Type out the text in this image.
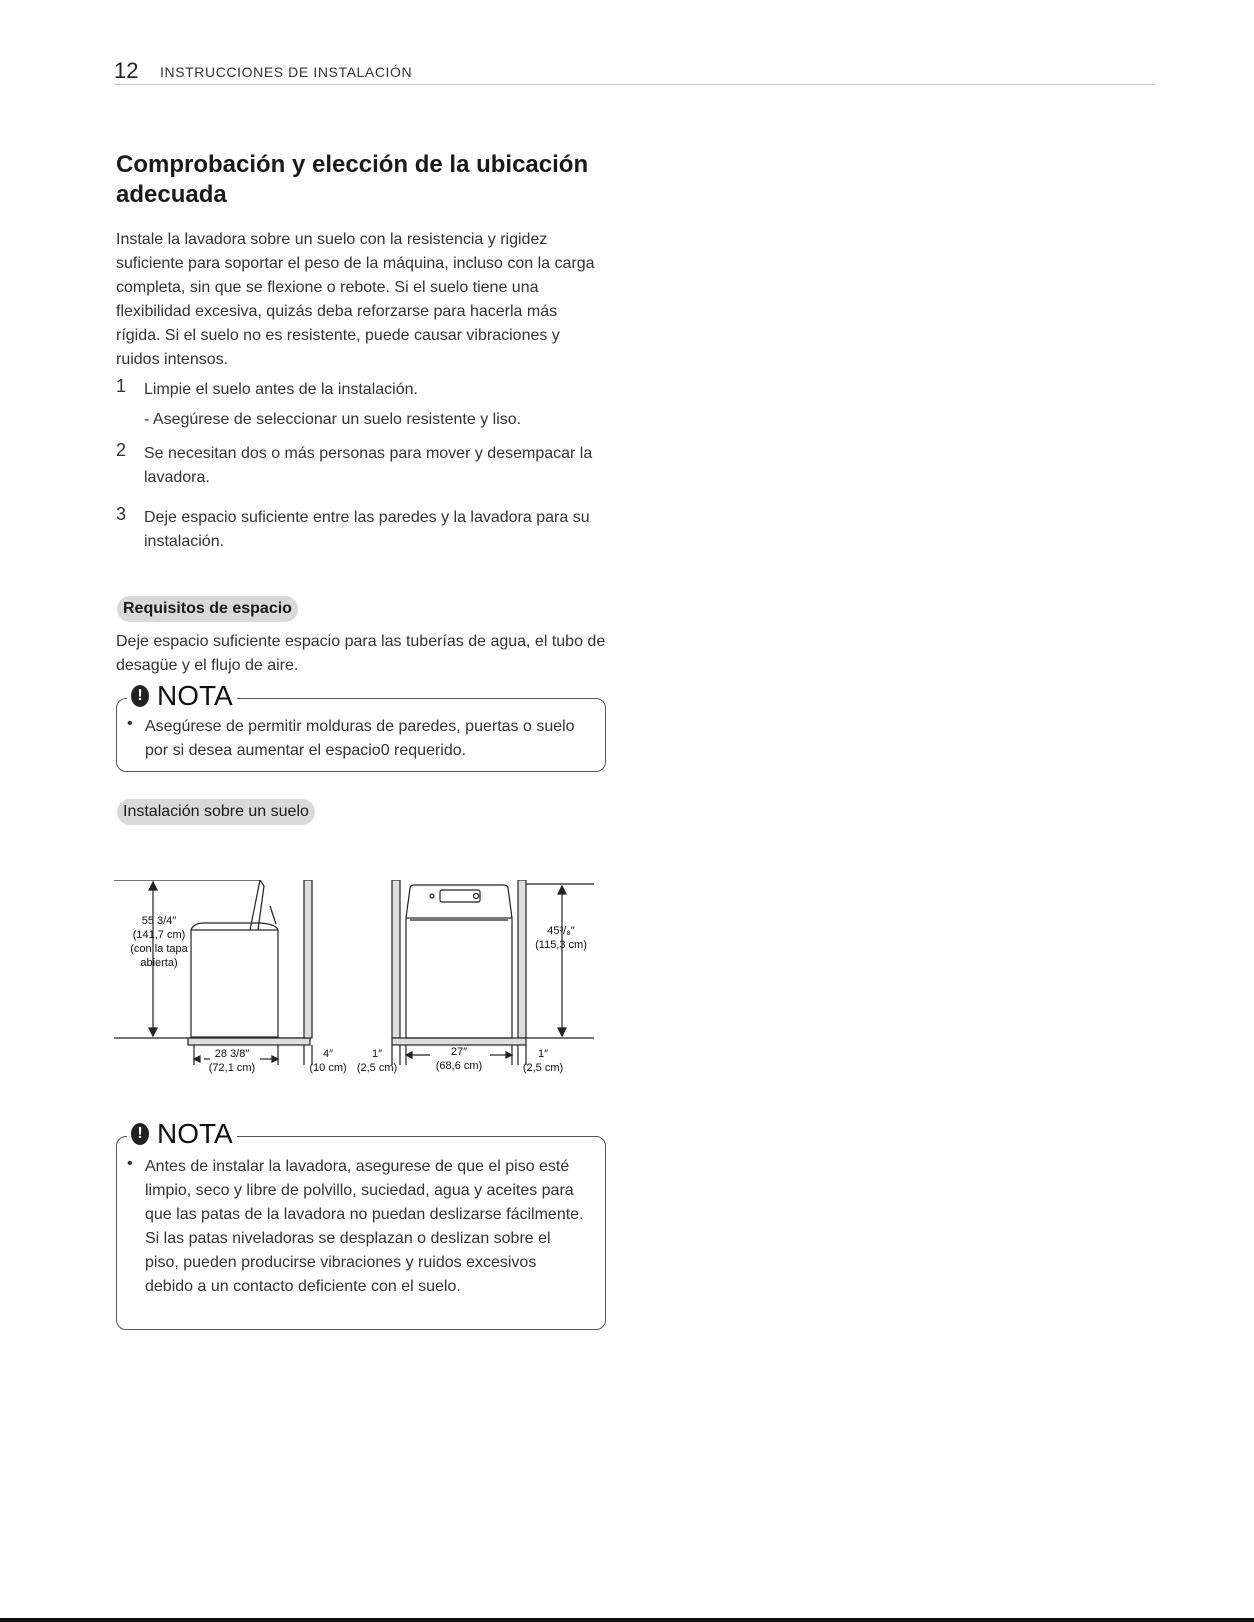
12 INSTRUCCIONES DE INSTALACIÓN
Comprobación y elección de la ubicación adecuada

Instale la lavadora sobre un suelo con la resistencia y rigidez suficiente para soportar el peso de la máquina, incluso con la carga completa, sin que se flexione o rebote. Si el suelo tiene una flexibilidad excesiva, quizás deba reforzarse para hacerla más rígida. Si el suelo no es resistente, puede causar vibraciones y ruidos intensos.

1 Limpie el suelo antes de la instalación.

- Asegúrese de seleccionar un suelo resistente y liso.

2 Se necesitan dos o más personas para mover y desempacar la lavadora.

3 Deje espacio suficiente entre las paredes y la lavadora para su instalación.

Requisitos de espacio

Deje espacio suficiente espacio para las tuberías de agua, el tubo de desagüe y el flujo de aire.

! NOTA
• Asegúrese de permitir molduras de paredes, puertas o suelo por si desea aumentar el espacio0 requerido.

Instalación sobre un suelo
55 3/4″
(141,7 cm)
(con la tapa
abierta)
45³/₈″
(115,3 cm)
28 3/8″
(72,1 cm)
4″
(10 cm)
1″
(2,5 cm)
27″
(68,6 cm)
1″
(2,5 cm)
! NOTA
• Antes de instalar la lavadora, asegurese de que el piso esté limpio, seco y libre de polvillo, suciedad, agua y aceites para que las patas de la lavadora no puedan deslizarse fácilmente. Si las patas niveladoras se desplazan o deslizan sobre el piso, pueden producirse vibraciones y ruidos excesivos debido a un contacto deficiente con el suelo.
